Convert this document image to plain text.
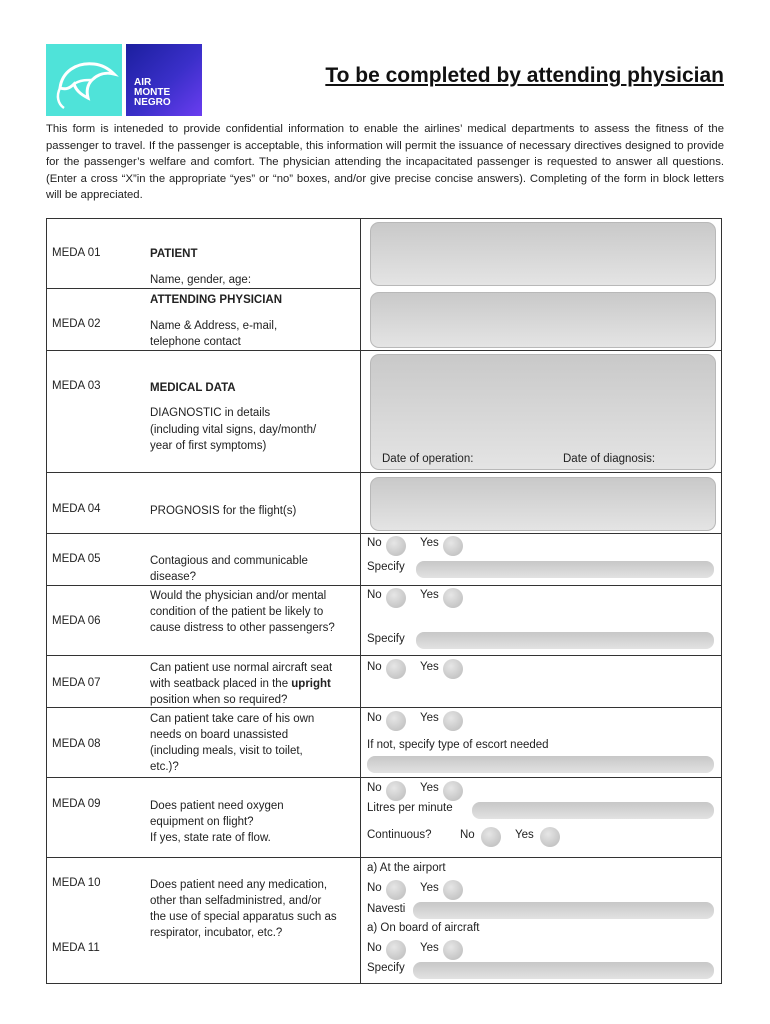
AIR
MONTE
NEGRO
To be completed by attending physician
This form is inteneded to provide confidential information to enable the airlines’ medical departments to assess the fitness of the passenger to travel. If the passenger is acceptable, this information will permit the issuance of necessary directives designed to provide for the passenger’s welfare and comfort. The physician attending the incapacitated passenger is requested to answer all questions. (Enter a cross “X”in the appropriate “yes” or “no” boxes, and/or give precise concise answers). Completing of the form in block letters will be appreciated.
MEDA 01	PATIENT
Name, gender, age:
ATTENDING PHYSICIAN
MEDA 02	Name & Address, e-mail,
telephone contact
MEDA 03	MEDICAL DATA
DIAGNOSTIC in details
(including vital signs, day/month/
year of first symptoms)
Date of operation:	Date of diagnosis:
MEDA 04	PROGNOSIS for the flight(s)
MEDA 05	Contagious and communicable
disease?
No	Yes
Specify
Would the physician and/or mental
condition of the patient be likely to
MEDA 06
cause distress to other passengers?
No	Yes
Specify
Can patient use normal aircraft seat
MEDA 07	with seatback placed in the upright
position when so required?
No	Yes
Can patient take care of his own
needs on board unassisted
MEDA 08
(including meals, visit to toilet,
etc.)?
No	Yes
If not, specify type of escort needed
MEDA 09	Does patient need oxygen
equipment on flight?
If yes, state rate of flow.
No	Yes
Litres per minute
Continuous? No	Yes
MEDA 10	Does patient need any medication,
other than selfadministred, and/or
the use of special apparatus such as
respirator, incubator, etc.?
MEDA 11
a) At the airport
No	Yes
Navesti
a) On board of aircraft
No	Yes
Specify
